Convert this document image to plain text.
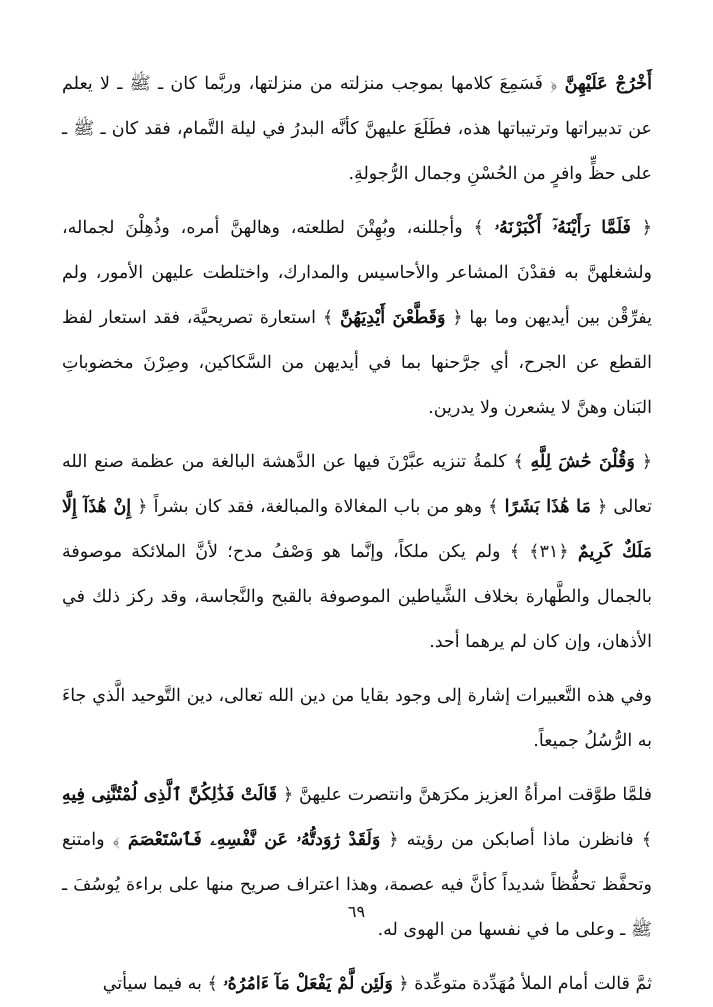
أَخْرُجْ عَلَيْهِنَّ ﴿ فَسَمِعَ كلامها بموجب منزلته من منزلتها، وربَّما كان ـ ﷺ ـ لا يعلم عن تدبيراتها وترتيباتها هذه، فطَلَعَ عليهنَّ كأنَّه البدرُ في ليلة التَّمام، فقد كان ـ ﷺ ـ على حظٍّ وافرٍ من الحُسْنِ وجمال الرُّجولةِ.

﴿ فَلَمَّا رَأَيْنَهُۥٓ أَكْبَرْنَهُۥ ﴾ وأجللنه، وبُهِتْنَ لطلعته، وهالهنَّ أمره، وذُهِلْنَ لجماله، ولشغلهنَّ به فقدْنَ المشاعر والأحاسيس والمدارك، واختلطت عليهن الأمور، ولم يفرِّقْن بين أيديهن وما بها ﴿ وَقَطَّعْنَ أَيْدِيَهُنَّ ﴾ استعارة تصريحيَّة، فقد استعار لفظ القطع عن الجرح، أي جرَّحنها بما في أيديهن من السَّكاكين، وصِرْنَ مخضوباتِ البَنان وهنَّ لا يشعرن ولا يدرين.

﴿ وَقُلْنَ حَٰشَ لِلَّهِ ﴾ كلمةُ تنزيه عبَّرْنَ فيها عن الدَّهشة البالغة من عظمة صنع الله تعالى ﴿ مَا هَٰذَا بَشَرًا ﴾ وهو من باب المغالاة والمبالغة، فقد كان بشراً ﴿ إِنْ هَٰذَآ إِلَّا مَلَكٌ كَرِيمٌ ﴿٣١﴾ ﴾ ولم يكن ملكاً، وإنَّما هو وَصْفُ مدح؛ لأنَّ الملائكة موصوفة بالجمال والطَّهارة بخلاف الشَّياطين الموصوفة بالقبح والنَّجاسة، وقد ركز ذلك في الأذهان، وإن كان لم يرهما أحد.

وفي هذه التَّعبيرات إشارة إلى وجود بقايا من دين الله تعالى، دين التَّوحيد الَّذي جاءَ به الرُّسُلُ جميعاً.

فلمَّا طوَّقت امرأةُ العزيز مكرَهنَّ وانتصرت عليهنَّ ﴿ قَالَتْ فَذَٰلِكُنَّ ٱلَّذِى لُمْتُنَّنِى فِيهِ ﴾ فانظرن ماذا أصابكن من رؤيته ﴿ وَلَقَدْ رَٰوَدتُّهُۥ عَن نَّفْسِهِۦ فَٱسْتَعْصَمَ ﴾ وامتنع وتحفَّظ تحفُّظاً شديداً كأنَّ فيه عصمة، وهذا اعتراف صريح منها على براءة يُوسُفَ ـ ﷺ ـ وعلى ما في نفسها من الهوى له.

ثمَّ قالت أمام الملأ مُهَدِّدة متوعِّدة ﴿ وَلَئِن لَّمْ يَفْعَلْ مَآ ءَامُرُهُۥ ﴾ به فيما سيأتي

٦٩
